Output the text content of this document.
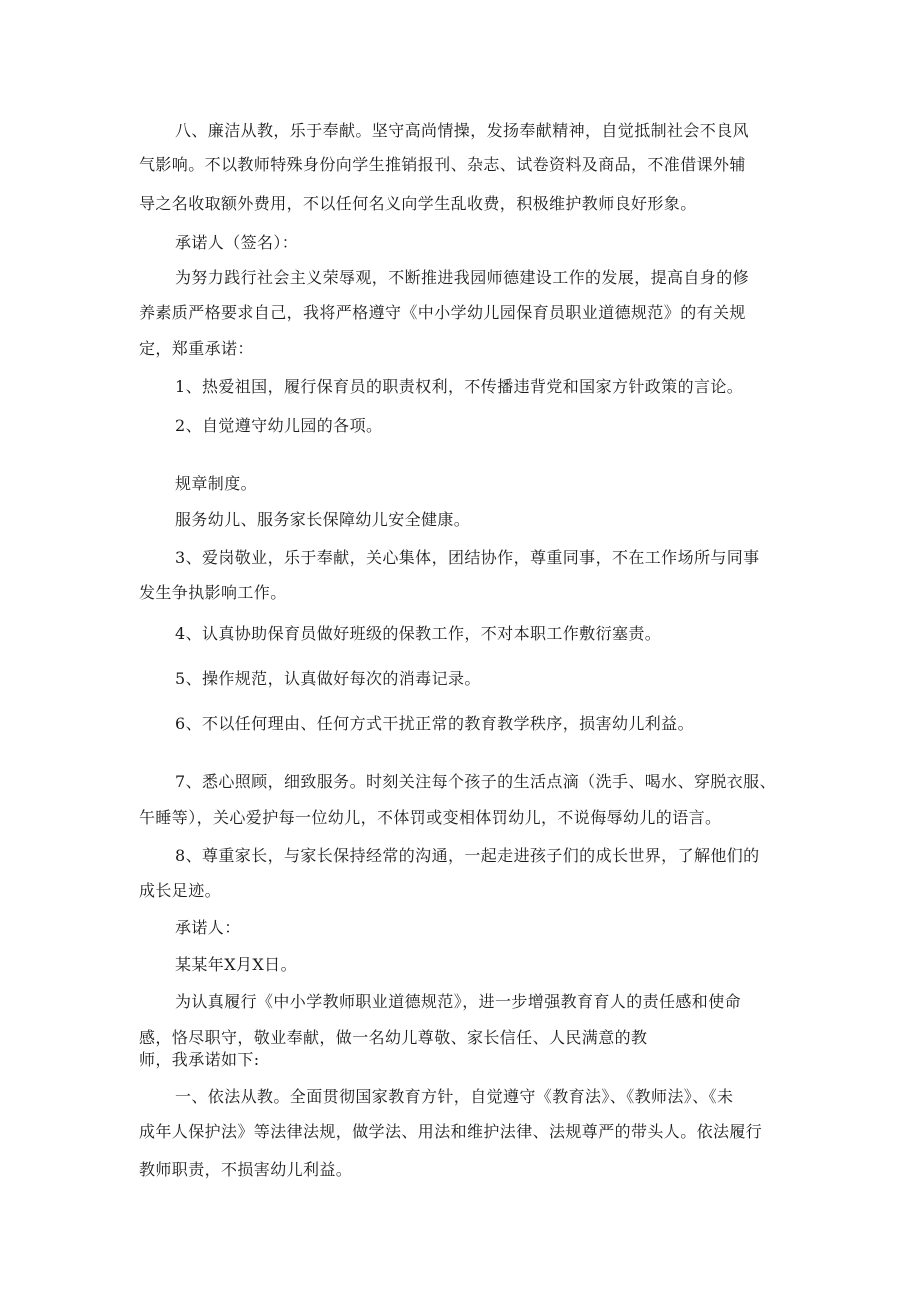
八、廉洁从教，乐于奉献。坚守高尚情操，发扬奉献精神，自觉抵制社会不良风
气影响。不以教师特殊身份向学生推销报刊、杂志、试卷资料及商品，不准借课外辅
导之名收取额外费用，不以任何名义向学生乱收费，积极维护教师良好形象。
承诺人（签名）：
为努力践行社会主义荣辱观，不断推进我园师德建设工作的发展，提高自身的修
养素质严格要求自己，我将严格遵守《中小学幼儿园保育员职业道德规范》的有关规
定，郑重承诺：
1、热爱祖国，履行保育员的职责权利，不传播违背党和国家方针政策的言论。
2、自觉遵守幼儿园的各项。
规章制度。
服务幼儿、服务家长保障幼儿安全健康。
3、爱岗敬业，乐于奉献，关心集体，团结协作，尊重同事，不在工作场所与同事
发生争执影响工作。
4、认真协助保育员做好班级的保教工作，不对本职工作敷衍塞责。
5、操作规范，认真做好每次的消毒记录。
6、不以任何理由、任何方式干扰正常的教育教学秩序，损害幼儿利益。
7、悉心照顾，细致服务。时刻关注每个孩子的生活点滴（洗手、喝水、穿脱衣服、
午睡等），关心爱护每一位幼儿，不体罚或变相体罚幼儿，不说侮辱幼儿的语言。
8、尊重家长，与家长保持经常的沟通，一起走进孩子们的成长世界，了解他们的
成长足迹。
承诺人：
某某年X月X日。
为认真履行《中小学教师职业道德规范》，进一步增强教育育人的责任感和使命
感，恪尽职守，敬业奉献，做一名幼儿尊敬、家长信任、人民满意的教
师，我承诺如下:
一、依法从教。全面贯彻国家教育方针，自觉遵守《教育法》、《教师法》、《未
成年人保护法》等法律法规，做学法、用法和维护法律、法规尊严的带头人。依法履行
教师职责，不损害幼儿利益。
